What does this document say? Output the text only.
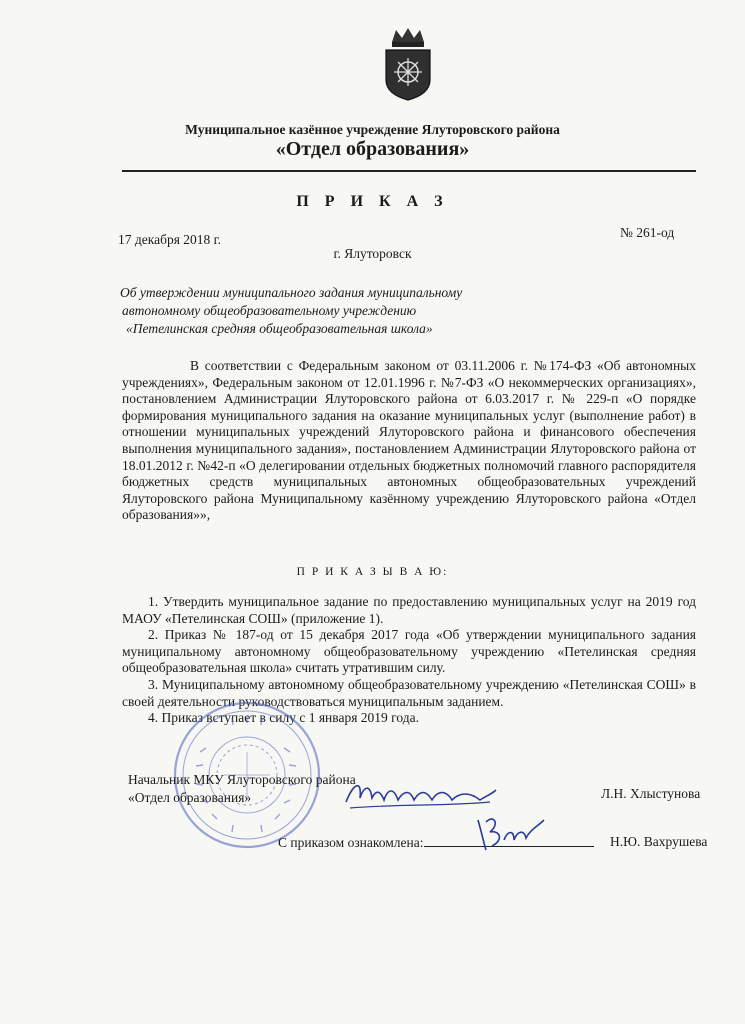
Муниципальное казённое учреждение Ялуторовского района
«Отдел образования»
П Р И К А З
17 декабря 2018 г.	№ 261-од
г. Ялуторовск
Об утверждении муниципального задания муниципальному
автономному общеобразовательному учреждению
«Петелинская средняя общеобразовательная школа»
В соответствии с Федеральным законом от 03.11.2006 г. №174-ФЗ «Об автономных учреждениях», Федеральным законом от 12.01.1996 г. №7-ФЗ «О некоммерческих организациях», постановлением Администрации Ялуторовского района от 6.03.2017 г. № 229-п «О порядке формирования муниципального задания на оказание муниципальных услуг (выполнение работ) в отношении муниципальных учреждений Ялуторовского района и финансового обеспечения выполнения муниципального задания», постановлением Администрации Ялуторовского района от 18.01.2012 г. №42-п «О делегировании отдельных бюджетных полномочий главного распорядителя бюджетных средств муниципальных автономных общеобразовательных учреждений Ялуторовского района Муниципальному казённому учреждению Ялуторовского района «Отдел образования»»,
П Р И К А З Ы В А Ю:
1. Утвердить муниципальное задание по предоставлению муниципальных услуг на 2019 год МАОУ «Петелинская СОШ» (приложение 1).
2. Приказ № 187-од от 15 декабря 2017 года «Об утверждении муниципального задания муниципальному автономному общеобразовательному учреждению «Петелинская средняя общеобразовательная школа» считать утратившим силу.
3. Муниципальному автономному общеобразовательному учреждению «Петелинская СОШ» в своей деятельности руководствоваться муниципальным заданием.
4. Приказ вступает в силу с 1 января 2019 года.
Начальник МКУ Ялуторовского района
«Отдел образования»	Л.Н. Хлыстунова
С приказом ознакомлена:	Н.Ю. Вахрушева
